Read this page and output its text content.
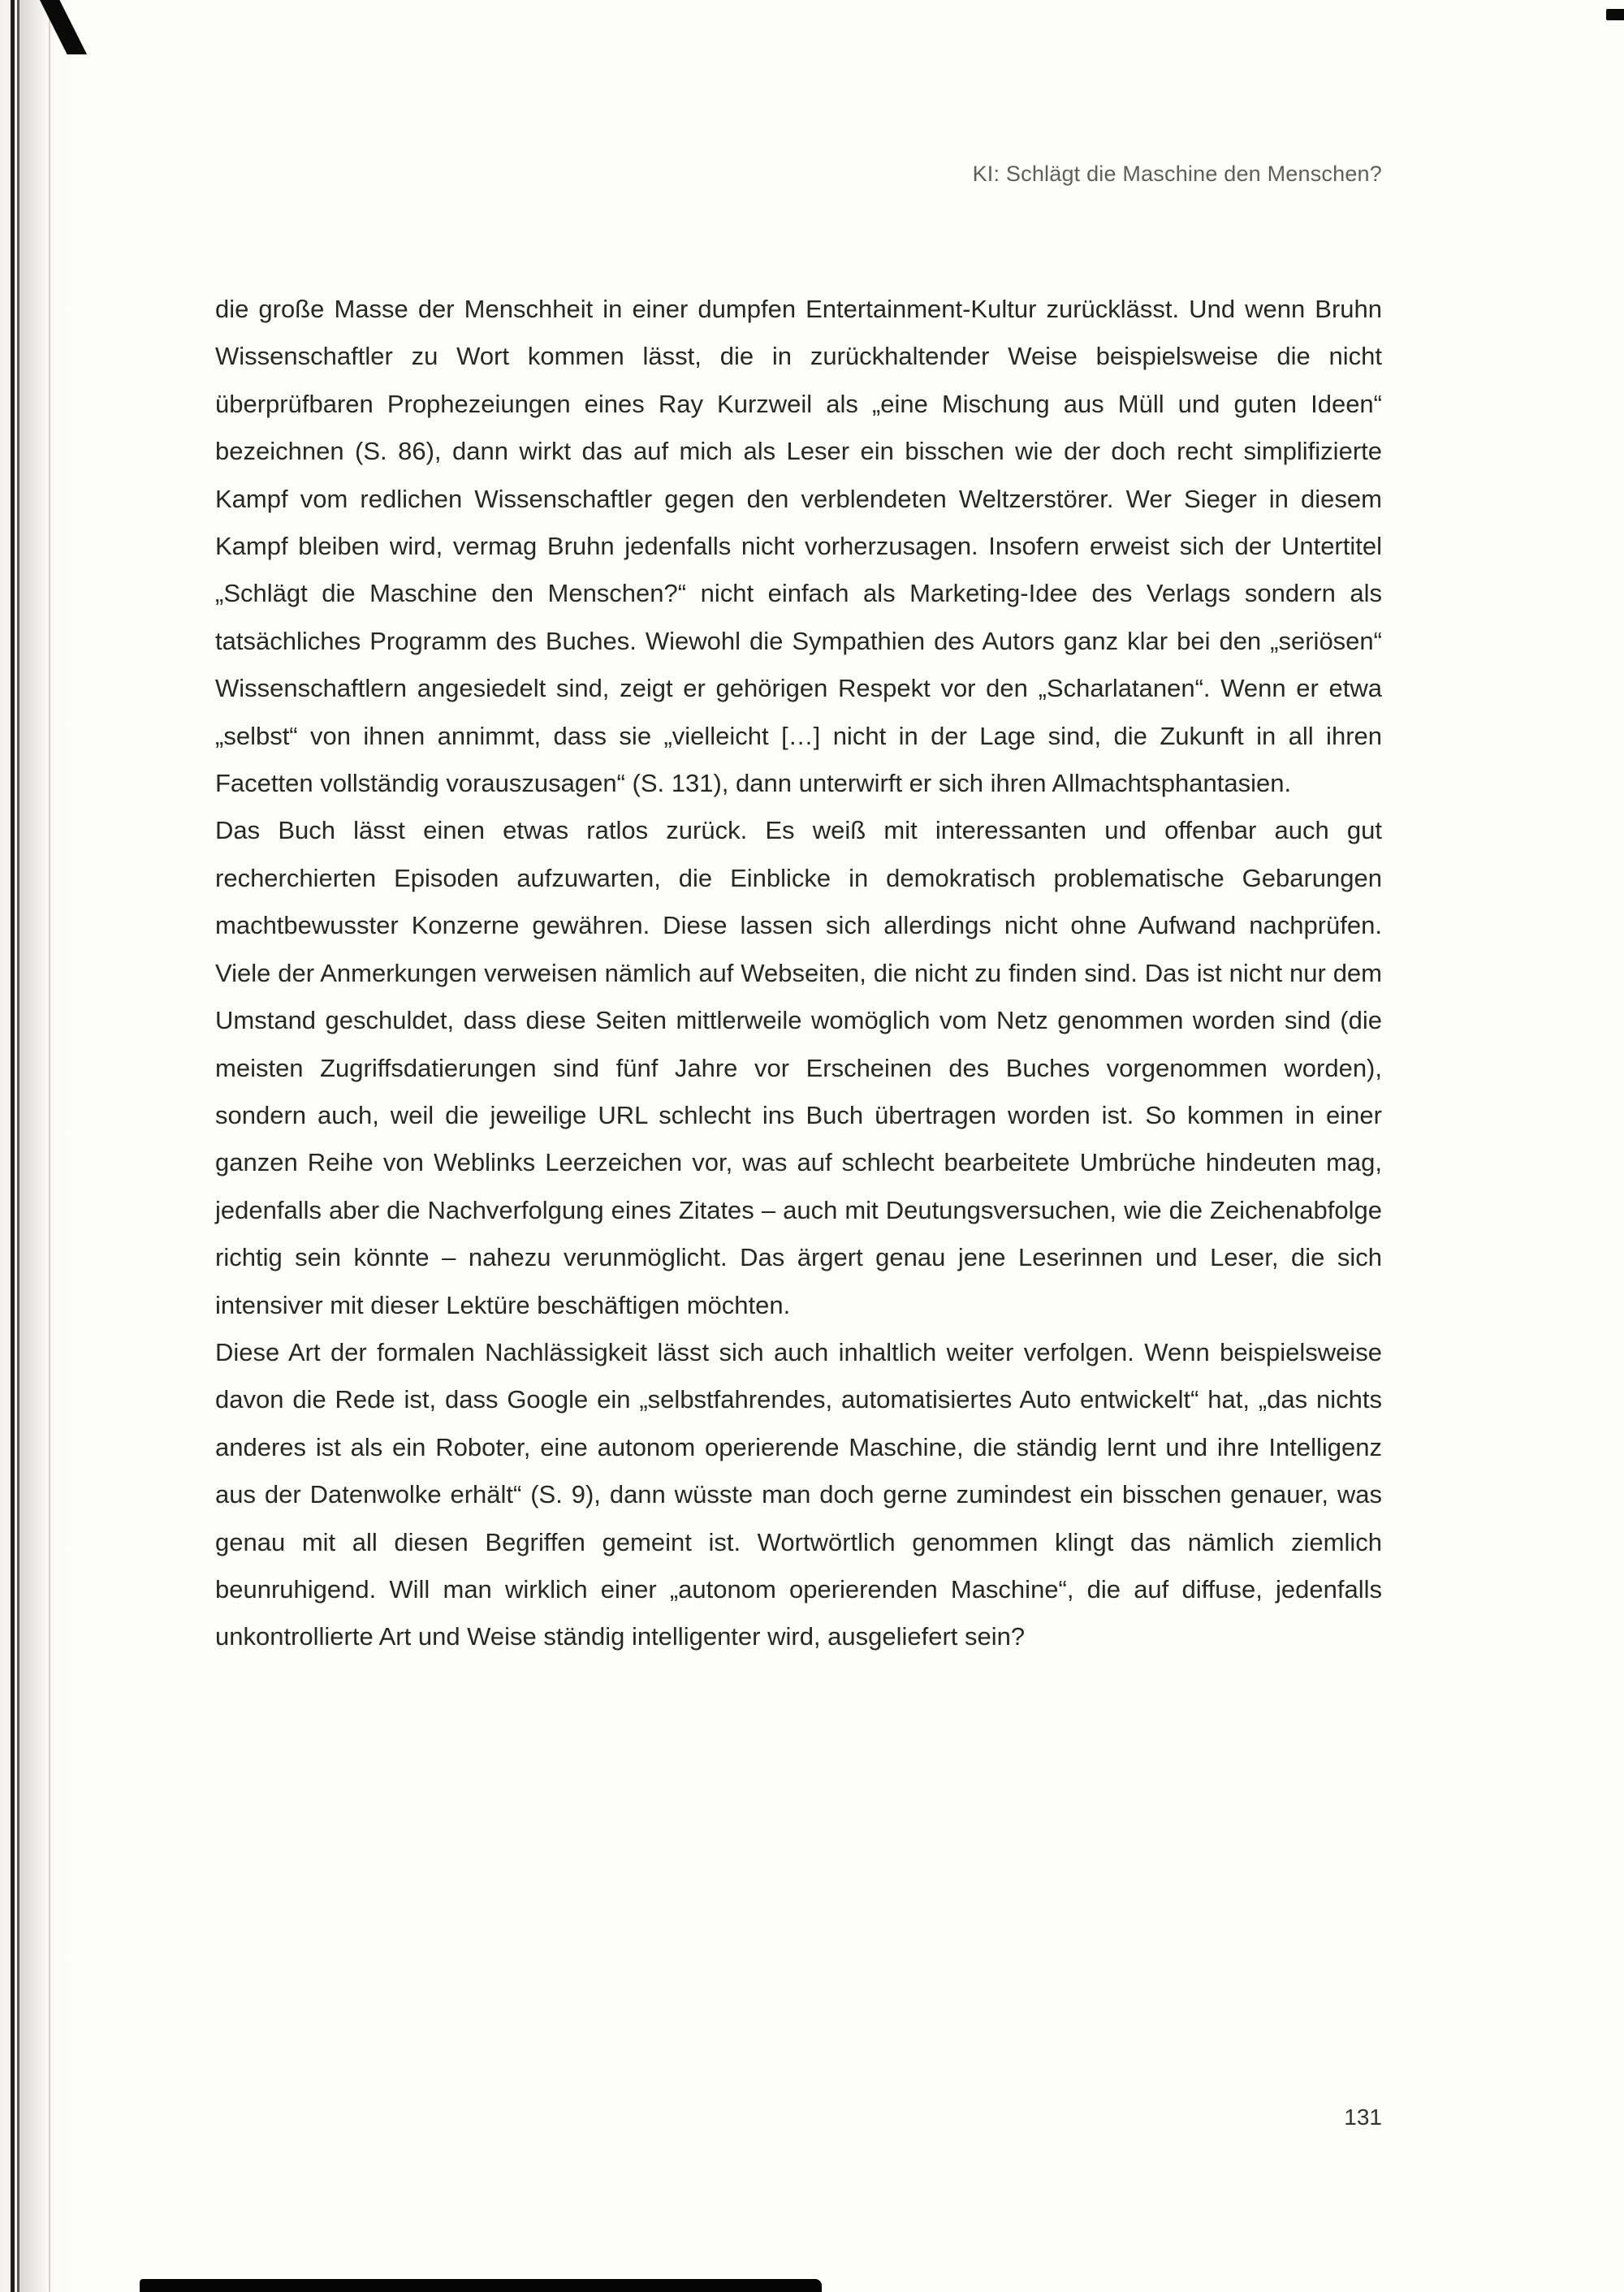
KI: Schlägt die Maschine den Menschen?

die große Masse der Menschheit in einer dumpfen Entertainment-Kultur zurücklässt. Und wenn Bruhn Wissenschaftler zu Wort kommen lässt, die in zurückhaltender Weise beispielsweise die nicht überprüfbaren Prophezeiungen eines Ray Kurzweil als „eine Mischung aus Müll und guten Ideen“ bezeichnen (S. 86), dann wirkt das auf mich als Leser ein bisschen wie der doch recht simplifizierte Kampf vom redlichen Wissenschaftler gegen den verblendeten Weltzerstörer. Wer Sieger in diesem Kampf bleiben wird, vermag Bruhn jedenfalls nicht vorherzusagen. Insofern erweist sich der Untertitel „Schlägt die Maschine den Menschen?“ nicht einfach als Marketing-Idee des Verlags sondern als tatsächliches Programm des Buches. Wiewohl die Sympathien des Autors ganz klar bei den „seriösen“ Wissenschaftlern angesiedelt sind, zeigt er gehörigen Respekt vor den „Scharlatanen“. Wenn er etwa „selbst“ von ihnen annimmt, dass sie „vielleicht […] nicht in der Lage sind, die Zukunft in all ihren Facetten vollständig vorauszusagen“ (S. 131), dann unterwirft er sich ihren Allmachtsphantasien.

Das Buch lässt einen etwas ratlos zurück. Es weiß mit interessanten und offenbar auch gut recherchierten Episoden aufzuwarten, die Einblicke in demokratisch problematische Gebarungen machtbewusster Konzerne gewähren. Diese lassen sich allerdings nicht ohne Aufwand nachprüfen. Viele der Anmerkungen verweisen nämlich auf Webseiten, die nicht zu finden sind. Das ist nicht nur dem Umstand geschuldet, dass diese Seiten mittlerweile womöglich vom Netz genommen worden sind (die meisten Zugriffsdatierungen sind fünf Jahre vor Erscheinen des Buches vorgenommen worden), sondern auch, weil die jeweilige URL schlecht ins Buch übertragen worden ist. So kommen in einer ganzen Reihe von Weblinks Leerzeichen vor, was auf schlecht bearbeitete Umbrüche hindeuten mag, jedenfalls aber die Nachverfolgung eines Zitates – auch mit Deutungsversuchen, wie die Zeichenabfolge richtig sein könnte – nahezu verunmöglicht. Das ärgert genau jene Leserinnen und Leser, die sich intensiver mit dieser Lektüre beschäftigen möchten.

Diese Art der formalen Nachlässigkeit lässt sich auch inhaltlich weiter verfolgen. Wenn beispielsweise davon die Rede ist, dass Google ein „selbstfahrendes, automatisiertes Auto entwickelt“ hat, „das nichts anderes ist als ein Roboter, eine autonom operierende Maschine, die ständig lernt und ihre Intelligenz aus der Datenwolke erhält“ (S. 9), dann wüsste man doch gerne zumindest ein bisschen genauer, was genau mit all diesen Begriffen gemeint ist. Wortwörtlich genommen klingt das nämlich ziemlich beunruhigend. Will man wirklich einer „autonom operierenden Maschine“, die auf diffuse, jedenfalls unkontrollierte Art und Weise ständig intelligenter wird, ausgeliefert sein?

131
